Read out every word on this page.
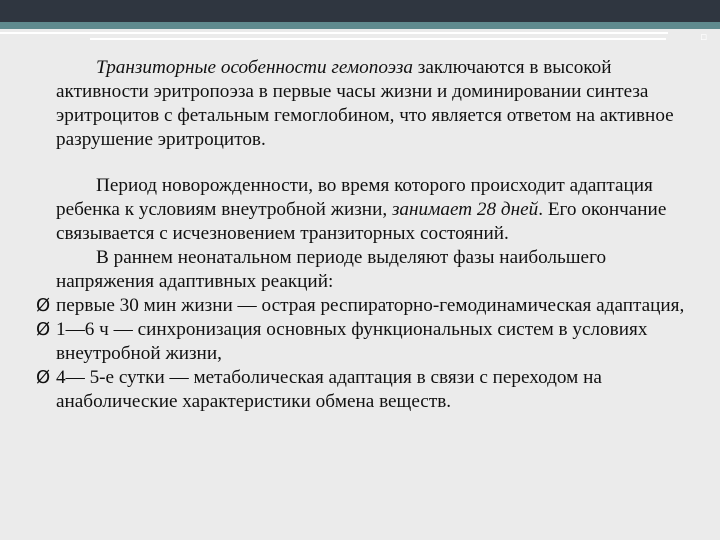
▫

Транзиторные особенности гемопоэза заключаются в высокой активности эритропоэза в первые часы жизни и доминировании синтеза эритроцитов с фетальным гемоглобином, что является ответом на активное разрушение эритроцитов.

Период новорожденности, во время которого происходит адаптация ребенка к условиям внеутробной жизни, занимает 28 дней. Его окончание связывается с исчезновением транзиторных состояний.

В раннем неонатальном периоде выделяют фазы наибольшего напряжения адаптивных реакций:

Ø первые 30 мин жизни — острая респираторно-гемодинамическая адаптация,
Ø 1—6 ч — синхронизация основных функциональных систем в условиях внеутробной жизни,
Ø 4— 5-е сутки — метаболическая адаптация в связи с переходом на анаболические характеристики обмена веществ.
